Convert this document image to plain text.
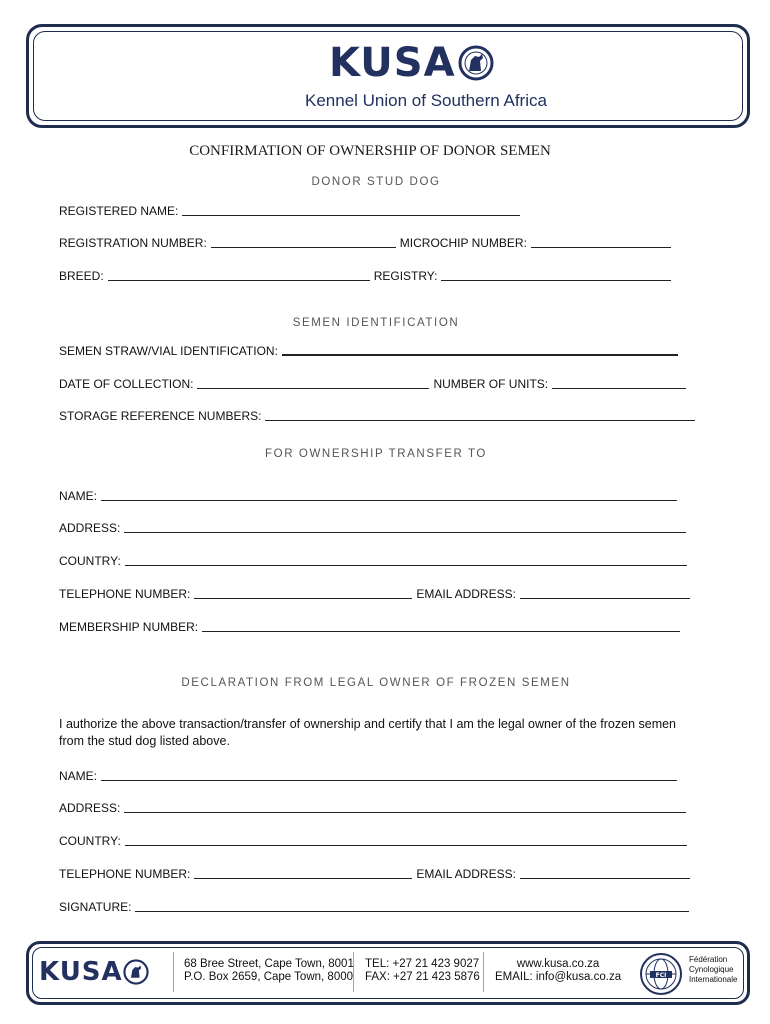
KUSA
Kennel Union of Southern Africa
CONFIRMATION OF OWNERSHIP OF DONOR SEMEN
DONOR STUD DOG
REGISTERED NAME:
REGISTRATION NUMBER:	MICROCHIP NUMBER:
BREED:	REGISTRY:
SEMEN IDENTIFICATION
SEMEN STRAW/VIAL IDENTIFICATION:
DATE OF COLLECTION:	NUMBER OF UNITS:
STORAGE REFERENCE NUMBERS:
FOR OWNERSHIP TRANSFER TO
NAME:
ADDRESS:
COUNTRY:
TELEPHONE NUMBER:	EMAIL ADDRESS:
MEMBERSHIP NUMBER:
DECLARATION FROM LEGAL OWNER OF FROZEN SEMEN
I authorize the above transaction/transfer of ownership and certify that I am the legal owner of the frozen semen from the stud dog listed above.
NAME:
ADDRESS:
COUNTRY:
TELEPHONE NUMBER:	EMAIL ADDRESS:
SIGNATURE:
KUSA	68 Bree Street, Cape Town, 8001
P.O. Box 2659, Cape Town, 8000
TEL: +27 21 423 9027
FAX: +27 21 423 5876
www.kusa.co.za
EMAIL: info@kusa.co.za	FCI
Fédération
Cynologique
Internationale
